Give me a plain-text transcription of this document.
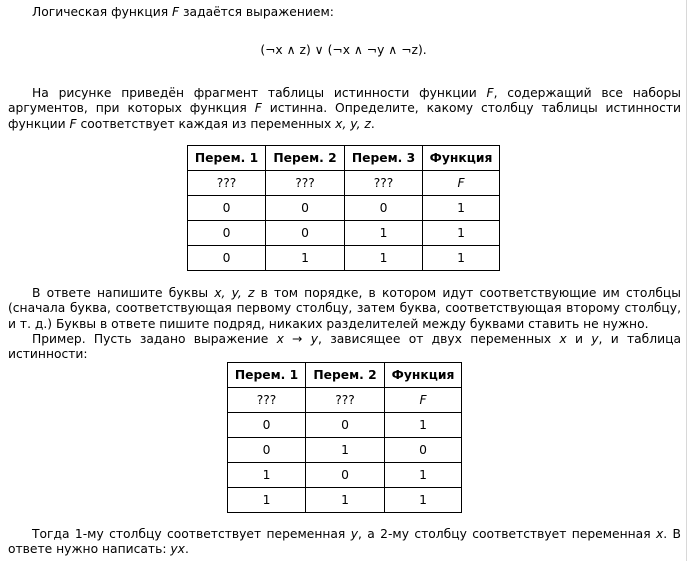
Логическая функция F задаётся выражением:
(¬x ∧ z) ∨ (¬x ∧ ¬y ∧ ¬z).

На рисунке приведён фрагмент таблицы истинности функции F, содержащий все наборы аргументов, при которых функция F истинна. Определите, какому столбцу таблицы истинности функции F соответствует каждая из переменных x, y, z.

Перем. 1	Перем. 2	Перем. 3	Функция
???	???	???	F
0	0	0	1
0	0	1	1
0	1	1	1

В ответе напишите буквы x, y, z в том порядке, в котором идут соответствующие им столбцы (сначала буква, соответствующая первому столбцу, затем буква, соответствующая второму столбцу, и т. д.) Буквы в ответе пишите подряд, никаких разделителей между буквами ставить не нужно.

Пример. Пусть задано выражение x → y, зависящее от двух переменных x и y, и таблица истинности:

Перем. 1	Перем. 2	Функция
???	???	F
0	0	1
0	1	0
1	0	1
1	1	1

Тогда 1-му столбцу соответствует переменная y, а 2-му столбцу соответствует переменная x. В ответе нужно написать: yx.
